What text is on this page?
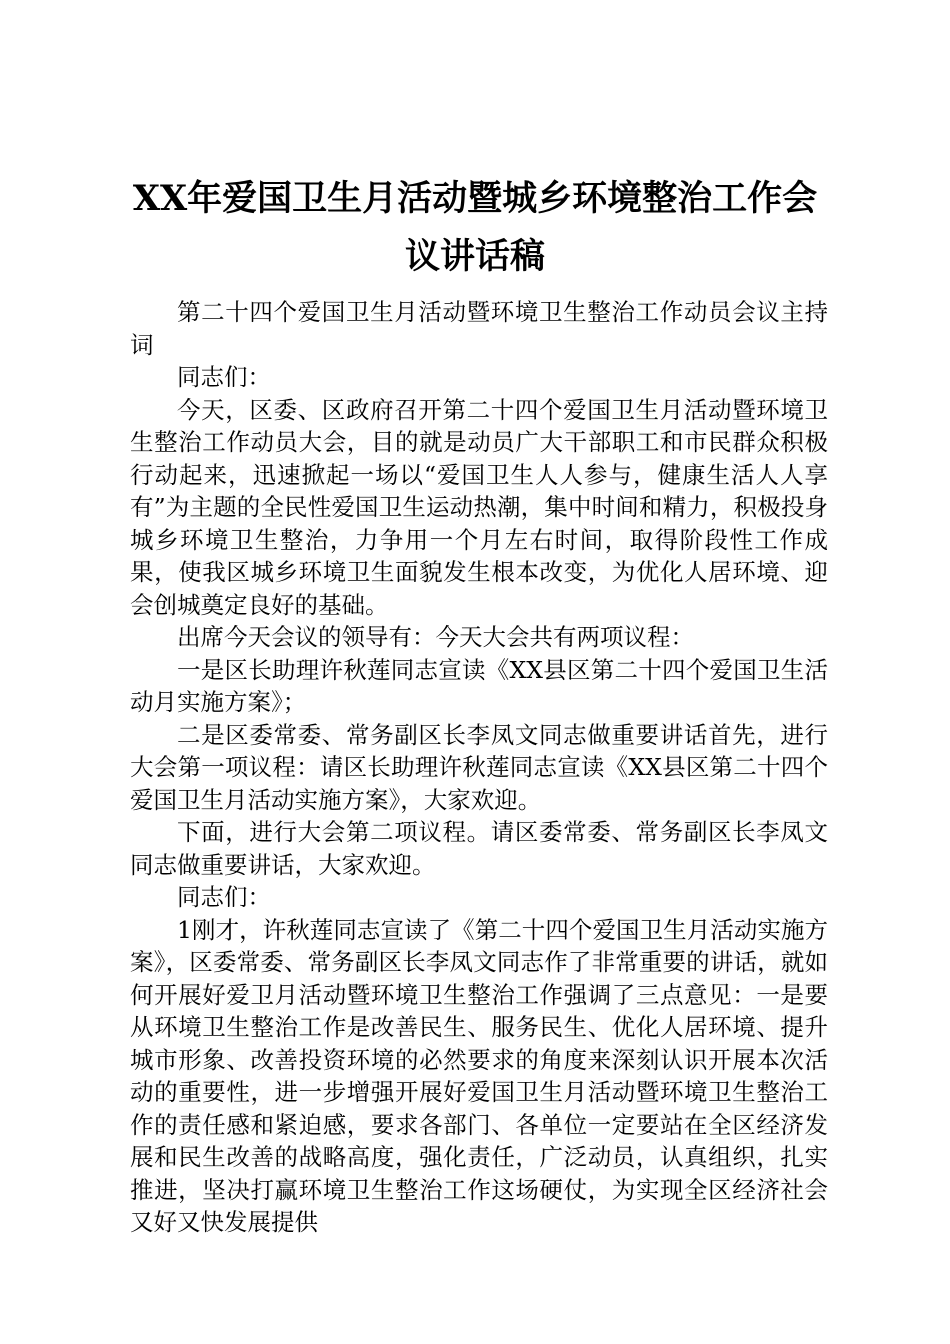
XX年爱国卫生月活动暨城乡环境整治工作会
议讲话稿

第二十四个爱国卫生月活动暨环境卫生整治工作动员会议主持词

同志们：

今天，区委、区政府召开第二十四个爱国卫生月活动暨环境卫生整治工作动员大会，目的就是动员广大干部职工和市民群众积极行动起来，迅速掀起一场以“爱国卫生人人参与，健康生活人人享有”为主题的全民性爱国卫生运动热潮，集中时间和精力，积极投身城乡环境卫生整治，力争用一个月左右时间，取得阶段性工作成果，使我区城乡环境卫生面貌发生根本改变，为优化人居环境、迎会创城奠定良好的基础。

出席今天会议的领导有：今天大会共有两项议程：

一是区长助理许秋莲同志宣读《XX县区第二十四个爱国卫生活动月实施方案》；

二是区委常委、常务副区长李凤文同志做重要讲话首先，进行大会第一项议程：请区长助理许秋莲同志宣读《XX县区第二十四个爱国卫生月活动实施方案》，大家欢迎。

下面，进行大会第二项议程。请区委常委、常务副区长李凤文同志做重要讲话，大家欢迎。

同志们：

1刚才，许秋莲同志宣读了《第二十四个爱国卫生月活动实施方案》，区委常委、常务副区长李凤文同志作了非常重要的讲话，就如何开展好爱卫月活动暨环境卫生整治工作强调了三点意见：一是要从环境卫生整治工作是改善民生、服务民生、优化人居环境、提升城市形象、改善投资环境的必然要求的角度来深刻认识开展本次活动的重要性，进一步增强开展好爱国卫生月活动暨环境卫生整治工作的责任感和紧迫感，要求各部门、各单位一定要站在全区经济发展和民生改善的战略高度，强化责任，广泛动员，认真组织，扎实推进，坚决打赢环境卫生整治工作这场硬仗，为实现全区经济社会又好又快发展提供
